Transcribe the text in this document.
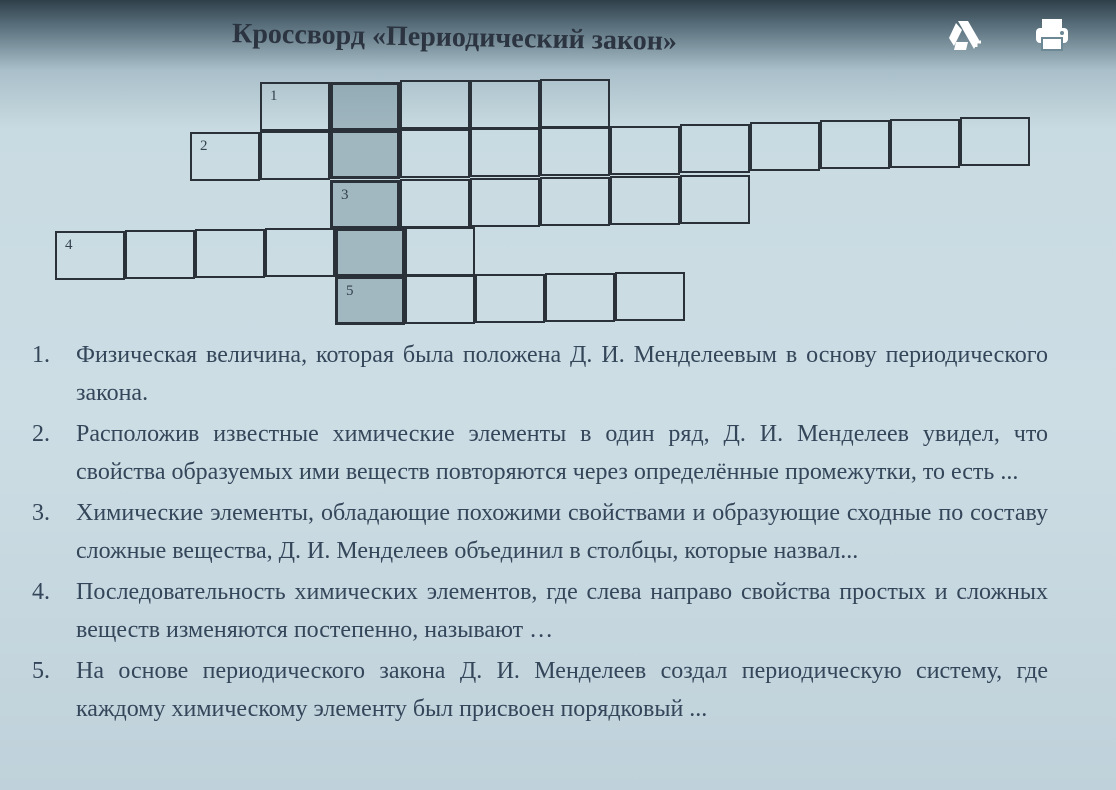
Кроссворд «Периодический закон»
1
2
3
4
5
1. Физическая величина, которая была положена Д. И. Менделеевым в основу периодического закона.
2. Расположив известные химические элементы в один ряд, Д. И. Менделеев увидел, что свойства образуемых ими веществ повторяются через определённые промежутки, то есть ...
3. Химические элементы, обладающие похожими свойствами и образующие сходные по составу сложные вещества, Д. И. Менделеев объединил в столбцы, которые назвал...
4. Последовательность химических элементов, где слева направо свойства простых и сложных веществ изменяются постепенно, называют …
5. На основе периодического закона Д. И. Менделеев создал периодическую систему, где каждому химическому элементу был присвоен порядковый ...
